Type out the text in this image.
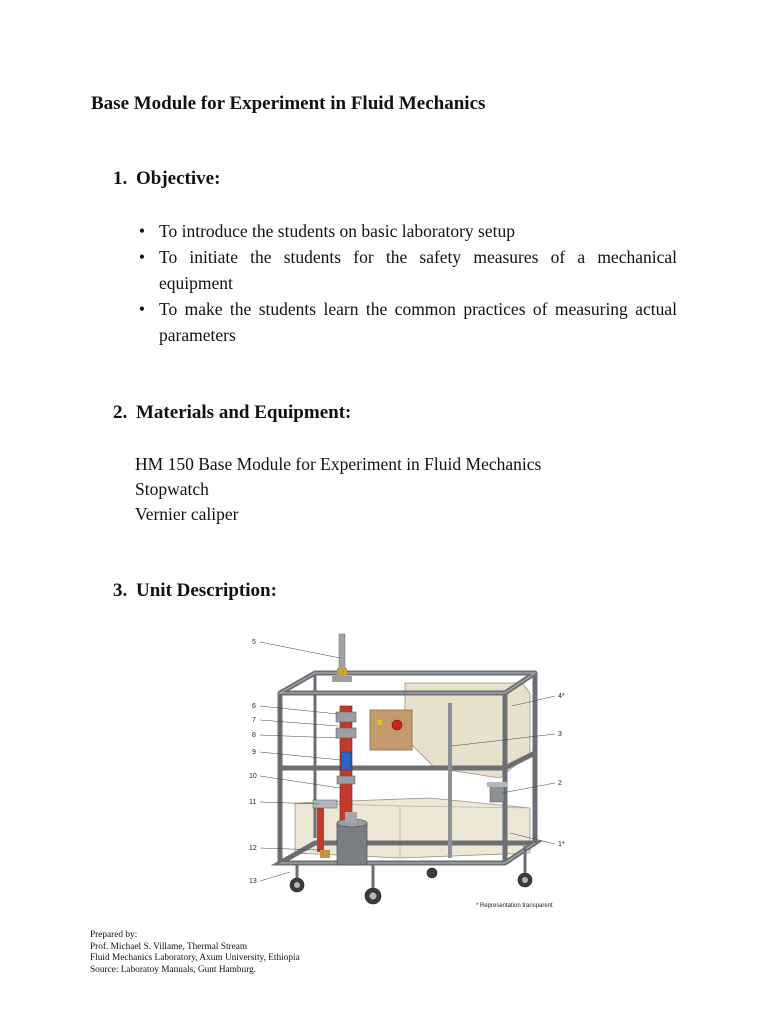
Base Module for Experiment in Fluid Mechanics
1. Objective:
• To introduce the students on basic laboratory setup
• To initiate the students for the safety measures of a mechanical equipment
• To make the students learn the common practices of measuring actual parameters
2. Materials and Equipment:
HM 150 Base Module for Experiment in Fluid Mechanics
Stopwatch
Vernier caliper
3. Unit Description:
5
4*
6
7
8	3
9
10
2
11
12
1*
13
* Representation transparent
Prepared by:
Prof. Michael S. Villame, Thermal Stream
Fluid Mechanics Laboratory, Axum University, Ethiopia
Source: Laboratoy Manuals, Gunt Hamburg.
